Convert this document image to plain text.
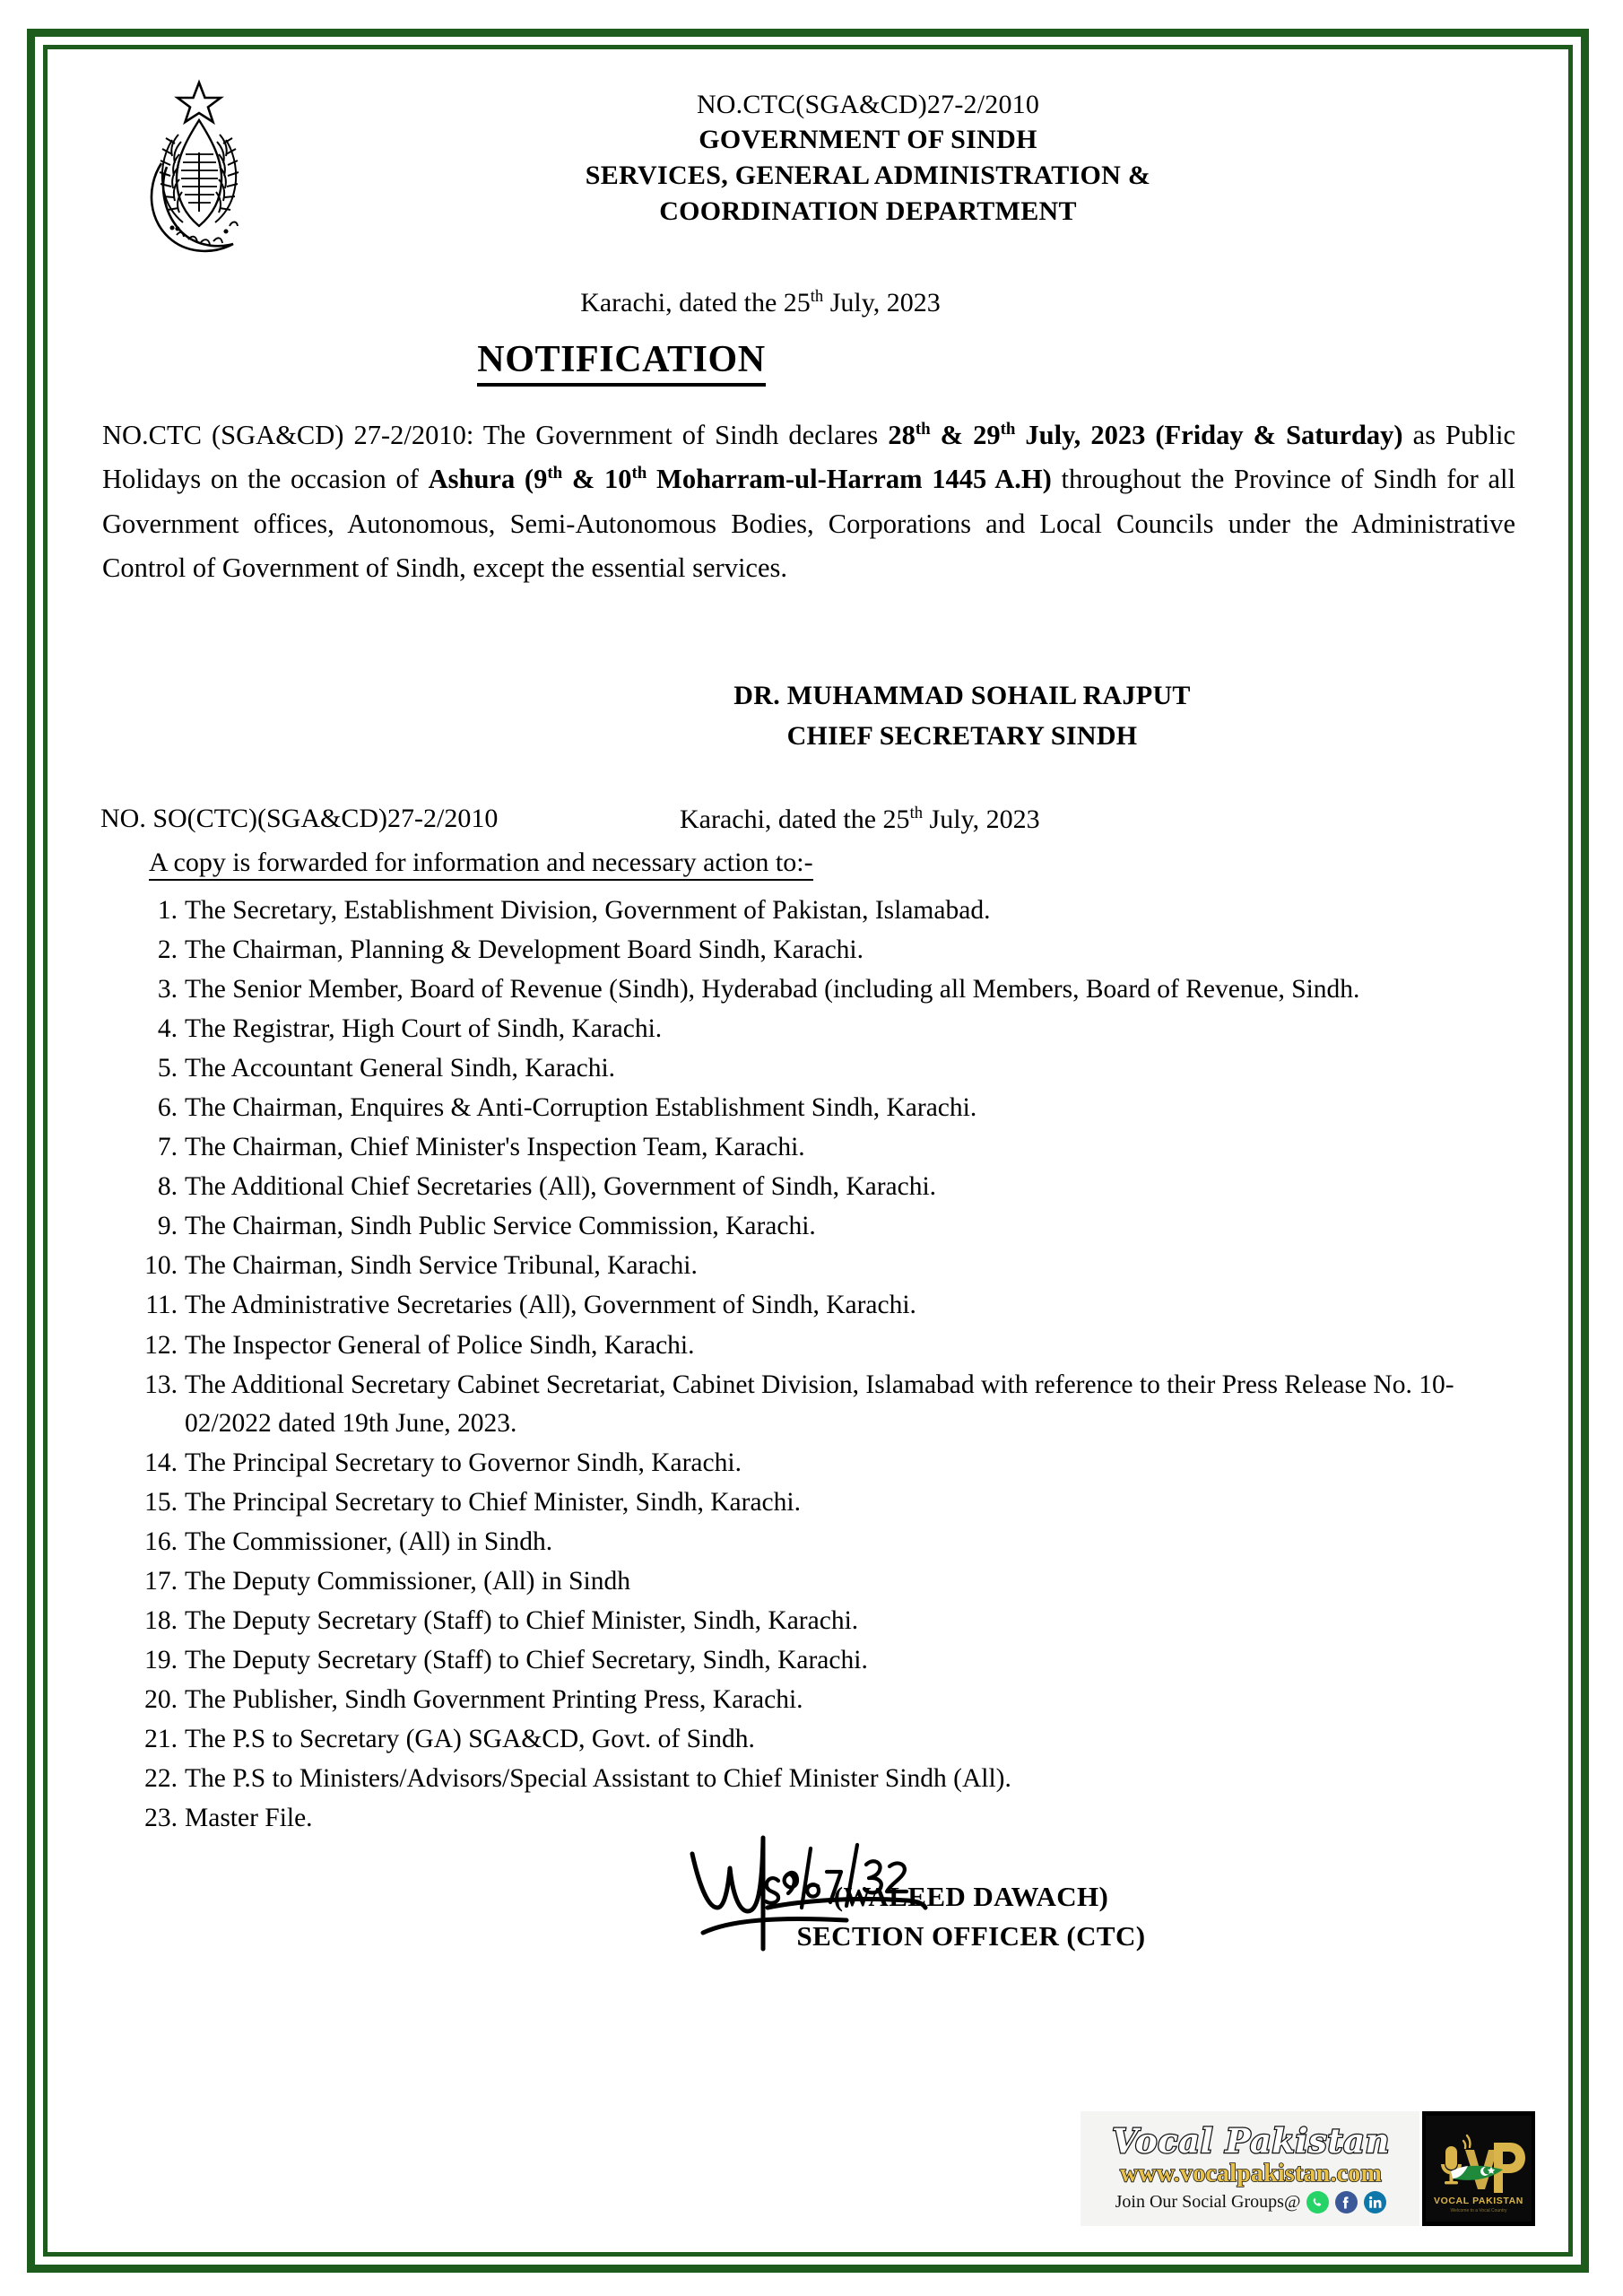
NO.CTC(SGA&CD)27-2/2010
GOVERNMENT OF SINDH
SERVICES, GENERAL ADMINISTRATION &
COORDINATION DEPARTMENT
Karachi, dated the 25th July, 2023
NOTIFICATION

NO.CTC (SGA&CD) 27-2/2010: The Government of Sindh declares 28th & 29th July, 2023 (Friday & Saturday) as Public Holidays on the occasion of Ashura (9th & 10th Moharram-ul-Harram 1445 A.H) throughout the Province of Sindh for all Government offices, Autonomous, Semi-Autonomous Bodies, Corporations and Local Councils under the Administrative Control of Government of Sindh, except the essential services.

DR. MUHAMMAD SOHAIL RAJPUT
CHIEF SECRETARY SINDH
NO. SO(CTC)(SGA&CD)27-2/2010	Karachi, dated the 25th July, 2023
A copy is forwarded for information and necessary action to:-
The Secretary, Establishment Division, Government of Pakistan, Islamabad.
The Chairman, Planning & Development Board Sindh, Karachi.
The Senior Member, Board of Revenue (Sindh), Hyderabad (including all Members, Board of Revenue, Sindh.
The Registrar, High Court of Sindh, Karachi.
The Accountant General Sindh, Karachi.
The Chairman, Enquires & Anti-Corruption Establishment Sindh, Karachi.
The Chairman, Chief Minister's Inspection Team, Karachi.
The Additional Chief Secretaries (All), Government of Sindh, Karachi.
The Chairman, Sindh Public Service Commission, Karachi.
The Chairman, Sindh Service Tribunal, Karachi.
The Administrative Secretaries (All), Government of Sindh, Karachi.
The Inspector General of Police Sindh, Karachi.
The Additional Secretary Cabinet Secretariat, Cabinet Division, Islamabad with reference to their Press Release No. 10- 02/2022 dated 19th June, 2023.
The Principal Secretary to Governor Sindh, Karachi.
The Principal Secretary to Chief Minister, Sindh, Karachi.
The Commissioner, (All) in Sindh.
The Deputy Commissioner, (All) in Sindh
The Deputy Secretary (Staff) to Chief Minister, Sindh, Karachi.
The Deputy Secretary (Staff) to Chief Secretary, Sindh, Karachi.
The Publisher, Sindh Government Printing Press, Karachi.
The P.S to Secretary (GA) SGA&CD, Govt. of Sindh.
The P.S to Ministers/Advisors/Special Assistant to Chief Minister Sindh (All).
Master File.
(WALEED DAWACH)
SECTION OFFICER (CTC)
Vocal Pakistan
www.vocalpakistan.com
Join Our Social Groups@	VOCAL PAKISTAN
Welcome to a Vocal Country
